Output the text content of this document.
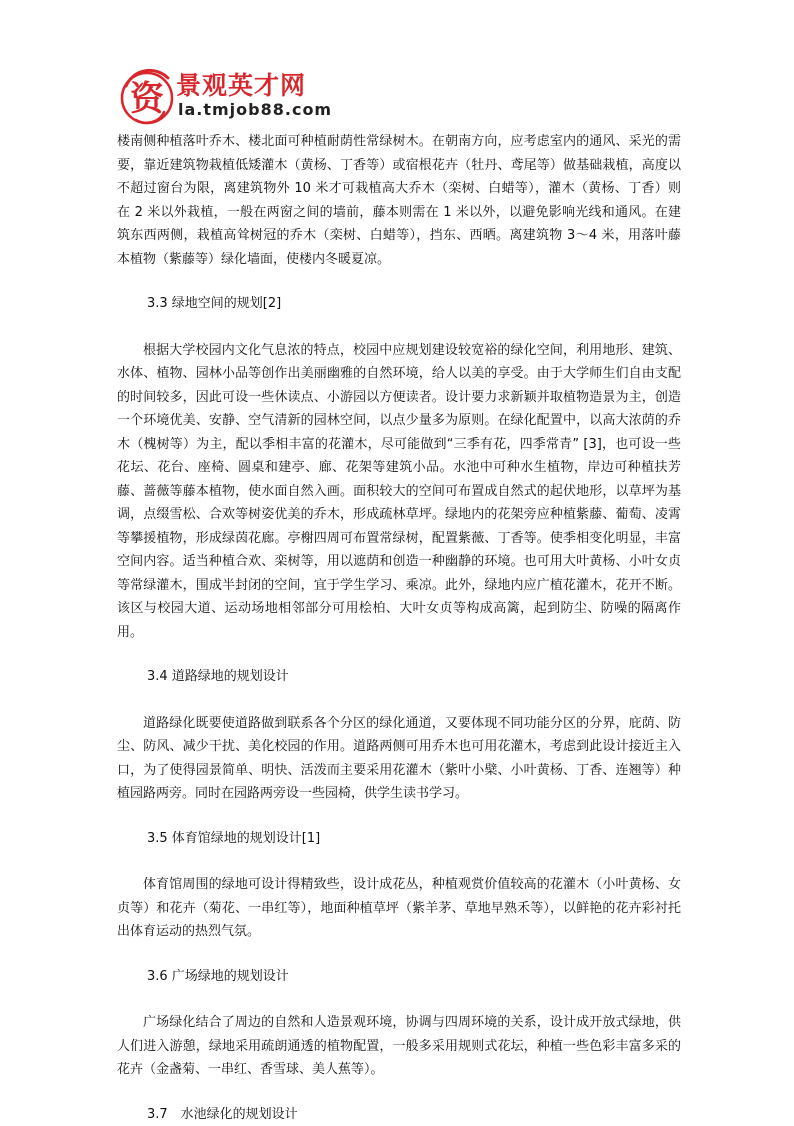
资 景观英才网
la.tmjob88.com

楼南侧种植落叶乔木、楼北面可种植耐荫性常绿树木。在朝南方向，应考虑室内的通风、采光的需要，靠近建筑物栽植低矮灌木（黄杨、丁香等）或宿根花卉（牡丹、鸢尾等）做基础栽植，高度以不超过窗台为限，离建筑物外 10 米才可栽植高大乔木（栾树、白蜡等），灌木（黄杨、丁香）则在 2 米以外栽植，一般在两窗之间的墙前，藤本则需在 1 米以外，以避免影响光线和通风。在建筑东西两侧，栽植高耸树冠的乔木（栾树、白蜡等），挡东、西晒。离建筑物 3～4 米，用落叶藤本植物（紫藤等）绿化墙面，使楼内冬暖夏凉。

3.3 绿地空间的规划[2]

根据大学校园内文化气息浓的特点，校园中应规划建设较宽裕的绿化空间，利用地形、建筑、水体、植物、园林小品等创作出美丽幽雅的自然环境，给人以美的享受。由于大学师生们自由支配的时间较多，因此可设一些休读点、小游园以方便读者。设计要力求新颖并取植物造景为主，创造一个环境优美、安静、空气清新的园林空间，以点少量多为原则。在绿化配置中，以高大浓荫的乔木（槐树等）为主，配以季相丰富的花灌木，尽可能做到“三季有花，四季常青” [3]，也可设一些花坛、花台、座椅、圆桌和建亭、廊、花架等建筑小品。水池中可种水生植物，岸边可种植扶芳藤、蔷薇等藤本植物，使水面自然入画。面积较大的空间可布置成自然式的起伏地形，以草坪为基调，点缀雪松、合欢等树姿优美的乔木，形成疏林草坪。绿地内的花架旁应种植紫藤、葡萄、凌霄等攀援植物，形成绿茵花廊。亭榭四周可布置常绿树，配置紫薇、丁香等。使季相变化明显，丰富空间内容。适当种植合欢、栾树等，用以遮荫和创造一种幽静的环境。也可用大叶黄杨、小叶女贞等常绿灌木，围成半封闭的空间，宜于学生学习、乘凉。此外，绿地内应广植花灌木，花开不断。该区与校园大道、运动场地相邻部分可用桧柏、大叶女贞等构成高篱，起到防尘、防噪的隔离作用。

3.4 道路绿地的规划设计

道路绿化既要使道路做到联系各个分区的绿化通道，又要体现不同功能分区的分界，庇荫、防尘、防风、减少干扰、美化校园的作用。道路两侧可用乔木也可用花灌木，考虑到此设计接近主入口，为了使得园景简单、明快、活泼而主要采用花灌木（紫叶小檗、小叶黄杨、丁香、连翘等）种植园路两旁。同时在园路两旁设一些园椅，供学生读书学习。

3.5 体育馆绿地的规划设计[1]

体育馆周围的绿地可设计得精致些，设计成花丛，种植观赏价值较高的花灌木（小叶黄杨、女贞等）和花卉（菊花、一串红等），地面种植草坪（紫羊茅、草地早熟禾等），以鲜艳的花卉彩衬托出体育运动的热烈气氛。

3.6 广场绿地的规划设计

广场绿化结合了周边的自然和人造景观环境，协调与四周环境的关系，设计成开放式绿地，供人们进入游憩，绿地采用疏朗通透的植物配置，一般多采用规则式花坛，种植一些色彩丰富多采的花卉（金盏菊、一串红、香雪球、美人蕉等）。

3.7　水池绿化的规划设计
